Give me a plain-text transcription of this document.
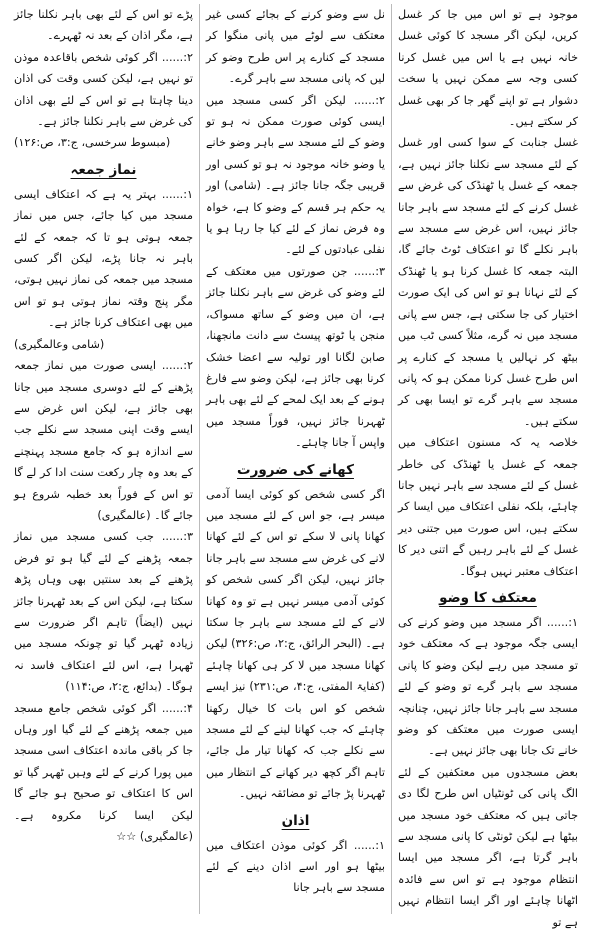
موجود ہے تو اس میں جا کر غسل کریں، لیکن اگر مسجد کا کوئی غسل خانہ نہیں ہے یا اس میں غسل کرنا کسی وجہ سے ممکن نہیں یا سخت دشوار ہے تو اپنے گھر جا کر بھی غسل کر سکتے ہیں۔

غسل جنابت کے سوا کسی اور غسل کے لئے مسجد سے نکلنا جائز نہیں ہے، جمعہ کے غسل یا ٹھنڈک کی غرض سے غسل کرنے کے لئے مسجد سے باہر جانا جائز نہیں، اس غرض سے مسجد سے باہر نکلے گا تو اعتکاف ٹوٹ جائے گا، البتہ جمعہ کا غسل کرنا ہو یا ٹھنڈک کے لئے نہانا ہو تو اس کی ایک صورت اختیار کی جا سکتی ہے، جس سے پانی مسجد میں نہ گرے، مثلاً کسی ٹب میں بیٹھ کر نہالیں یا مسجد کے کنارے پر اس طرح غسل کرنا ممکن ہو کہ پانی مسجد سے باہر گرے تو ایسا بھی کر سکتے ہیں۔

خلاصہ یہ کہ مسنون اعتکاف میں جمعہ کے غسل یا ٹھنڈک کی خاطر غسل کے لئے مسجد سے باہر نہیں جانا چاہئے، بلکہ نفلی اعتکاف میں ایسا کر سکتے ہیں، اس صورت میں جتنی دیر غسل کے لئے باہر رہیں گے اتنی دیر کا اعتکاف معتبر نہیں ہوگا۔

معتکف کا وضو

۱:...... اگر مسجد میں وضو کرنے کی ایسی جگہ موجود ہے کہ معتکف خود تو مسجد میں رہے لیکن وضو کا پانی مسجد سے باہر گرے تو وضو کے لئے مسجد سے باہر جانا جائز نہیں، چنانچہ ایسی صورت میں معتکف کو وضو خانے تک جانا بھی جائز نہیں ہے۔

بعض مسجدوں میں معتکفین کے لئے الگ پانی کی ٹونٹیاں اس طرح لگا دی جاتی ہیں کہ معتکف خود مسجد میں بیٹھا ہے لیکن ٹونٹی کا پانی مسجد سے باہر گرتا ہے، اگر مسجد میں ایسا انتظام موجود ہے تو اس سے فائدہ اٹھانا چاہئے اور اگر ایسا انتظام نہیں ہے تو

نل سے وضو کرنے کے بجائے کسی غیر معتکف سے لوٹے میں پانی منگوا کر مسجد کے کنارے پر اس طرح وضو کر لیں کہ پانی مسجد سے باہر گرے۔

۲:...... لیکن اگر کسی مسجد میں ایسی کوئی صورت ممکن نہ ہو تو وضو کے لئے مسجد سے باہر وضو خانے یا وضو خانہ موجود نہ ہو تو کسی اور قریبی جگہ جانا جائز ہے۔ (شامی) اور یہ حکم ہر قسم کے وضو کا ہے، خواہ وہ فرض نماز کے لئے کیا جا رہا ہو یا نفلی عبادتوں کے لئے۔

۳:...... جن صورتوں میں معتکف کے لئے وضو کی غرض سے باہر نکلنا جائز ہے، ان میں وضو کے ساتھ مسواک، منجن یا ٹوتھ پیسٹ سے دانت مانجھنا، صابن لگانا اور تولیہ سے اعضا خشک کرنا بھی جائز ہے، لیکن وضو سے فارغ ہونے کے بعد ایک لمحے کے لئے بھی باہر ٹھہرنا جائز نہیں، فوراً مسجد میں واپس آ جانا چاہئے۔

کھانے کی ضرورت

اگر کسی شخص کو کوئی ایسا آدمی میسر ہے، جو اس کے لئے مسجد میں کھانا پانی لا سکے تو اس کے لئے کھانا لانے کی غرض سے مسجد سے باہر جانا جائز نہیں، لیکن اگر کسی شخص کو کوئی آدمی میسر نہیں ہے تو وہ کھانا لانے کے لئے مسجد سے باہر جا سکتا ہے۔ (البحر الرائق، ج:۲، ص:۳۲۶) لیکن کھانا مسجد میں لا کر ہی کھانا چاہئے (کفایۃ المفتی، ج:۴، ص:۲۳۱) نیز ایسے شخص کو اس بات کا خیال رکھنا چاہئے کہ جب کھانا لینے کے لئے مسجد سے نکلے جب کہ کھانا تیار مل جائے، تاہم اگر کچھ دیر کھانے کے انتظار میں ٹھہرنا پڑ جائے تو مضائقہ نہیں۔

اذان

۱:...... اگر کوئی موذن اعتکاف میں بیٹھا ہو اور اسے اذان دینے کے لئے مسجد سے باہر جانا

پڑے تو اس کے لئے بھی باہر نکلنا جائز ہے، مگر اذان کے بعد نہ ٹھہرے۔

۲:...... اگر کوئی شخص باقاعدہ موذن تو نہیں ہے، لیکن کسی وقت کی اذان دینا چاہتا ہے تو اس کے لئے بھی اذان کی غرض سے باہر نکلنا جائز ہے۔

(مبسوط سرخسی، ج:۳، ص:۱۲۶)

نماز جمعہ

۱:...... بہتر یہ ہے کہ اعتکاف ایسی مسجد میں کیا جائے، جس میں نماز جمعہ ہوتی ہو تا کہ جمعہ کے لئے باہر نہ جانا پڑے، لیکن اگر کسی مسجد میں جمعہ کی نماز نہیں ہوتی، مگر پنج وقتہ نماز ہوتی ہو تو اس میں بھی اعتکاف کرنا جائز ہے۔

(شامی وعالمگیری)

۲:...... ایسی صورت میں نماز جمعہ پڑھنے کے لئے دوسری مسجد میں جانا بھی جائز ہے، لیکن اس غرض سے ایسے وقت اپنی مسجد سے نکلے جب سے اندازہ ہو کہ جامع مسجد پہنچنے کے بعد وہ چار رکعت سنت ادا کر لے گا تو اس کے فوراً بعد خطبہ شروع ہو جائے گا۔ (عالمگیری)

۳:...... جب کسی مسجد میں نماز جمعہ پڑھنے کے لئے گیا ہو تو فرض پڑھنے کے بعد سنتیں بھی وہاں پڑھ سکتا ہے، لیکن اس کے بعد ٹھہرنا جائز نہیں (ایضاً) تاہم اگر ضرورت سے زیادہ ٹھہر گیا تو چونکہ مسجد میں ٹھہرا ہے، اس لئے اعتکاف فاسد نہ ہوگا۔ (بدائع، ج:۲، ص:۱۱۴)

۴:...... اگر کوئی شخص جامع مسجد میں جمعہ پڑھنے کے لئے گیا اور وہاں جا کر باقی ماندہ اعتکاف اسی مسجد میں پورا کرنے کے لئے وہیں ٹھہر گیا تو اس کا اعتکاف تو صحیح ہو جائے گا لیکن ایسا کرنا مکروہ ہے۔ (عالمگیری) ☆☆
